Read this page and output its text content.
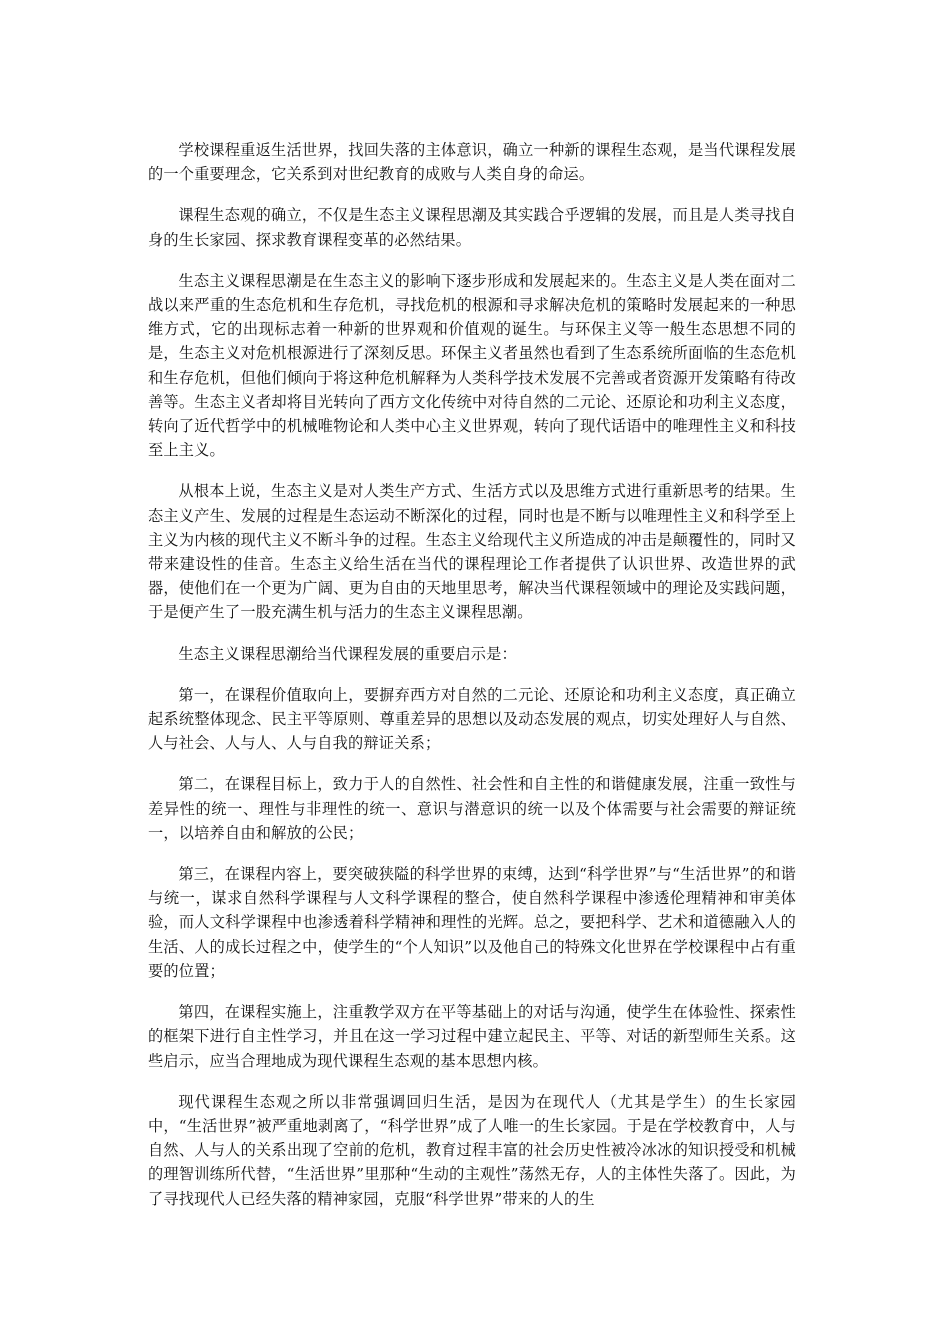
学校课程重返生活世界，找回失落的主体意识，确立一种新的课程生态观，是当代课程发展的一个重要理念，它关系到对世纪教育的成败与人类自身的命运。

课程生态观的确立，不仅是生态主义课程思潮及其实践合乎逻辑的发展，而且是人类寻找自身的生长家园、探求教育课程变革的必然结果。

生态主义课程思潮是在生态主义的影响下逐步形成和发展起来的。生态主义是人类在面对二战以来严重的生态危机和生存危机，寻找危机的根源和寻求解决危机的策略时发展起来的一种思维方式，它的出现标志着一种新的世界观和价值观的诞生。与环保主义等一般生态思想不同的是，生态主义对危机根源进行了深刻反思。环保主义者虽然也看到了生态系统所面临的生态危机和生存危机，但他们倾向于将这种危机解释为人类科学技术发展不完善或者资源开发策略有待改善等。生态主义者却将目光转向了西方文化传统中对待自然的二元论、还原论和功利主义态度，转向了近代哲学中的机械唯物论和人类中心主义世界观，转向了现代话语中的唯理性主义和科技至上主义。

从根本上说，生态主义是对人类生产方式、生活方式以及思维方式进行重新思考的结果。生态主义产生、发展的过程是生态运动不断深化的过程，同时也是不断与以唯理性主义和科学至上主义为内核的现代主义不断斗争的过程。生态主义给现代主义所造成的冲击是颠覆性的，同时又带来建设性的佳音。生态主义给生活在当代的课程理论工作者提供了认识世界、改造世界的武器，使他们在一个更为广阔、更为自由的天地里思考，解决当代课程领域中的理论及实践问题，于是便产生了一股充满生机与活力的生态主义课程思潮。

生态主义课程思潮给当代课程发展的重要启示是：

第一，在课程价值取向上，要摒弃西方对自然的二元论、还原论和功利主义态度，真正确立起系统整体现念、民主平等原则、尊重差异的思想以及动态发展的观点，切实处理好人与自然、人与社会、人与人、人与自我的辩证关系；

第二，在课程目标上，致力于人的自然性、社会性和自主性的和谐健康发展，注重一致性与差异性的统一、理性与非理性的统一、意识与潜意识的统一以及个体需要与社会需要的辩证统一，以培养自由和解放的公民；

第三，在课程内容上，要突破狭隘的科学世界的束缚，达到“科学世界”与“生活世界”的和谐与统一，谋求自然科学课程与人文科学课程的整合，使自然科学课程中渗透伦理精神和审美体验，而人文科学课程中也渗透着科学精神和理性的光辉。总之，要把科学、艺术和道德融入人的生活、人的成长过程之中，使学生的“个人知识”以及他自己的特殊文化世界在学校课程中占有重要的位置；

第四，在课程实施上，注重教学双方在平等基础上的对话与沟通，使学生在体验性、探索性的框架下进行自主性学习，并且在这一学习过程中建立起民主、平等、对话的新型师生关系。这些启示，应当合理地成为现代课程生态观的基本思想内核。

现代课程生态观之所以非常强调回归生活，是因为在现代人（尤其是学生）的生长家园中，“生活世界”被严重地剥离了，“科学世界”成了人唯一的生长家园。于是在学校教育中，人与自然、人与人的关系出现了空前的危机，教育过程丰富的社会历史性被冷冰冰的知识授受和机械的理智训练所代替，“生活世界”里那种“生动的主观性”荡然无存，人的主体性失落了。因此，为了寻找现代人已经失落的精神家园，克服“科学世界”带来的人的生
